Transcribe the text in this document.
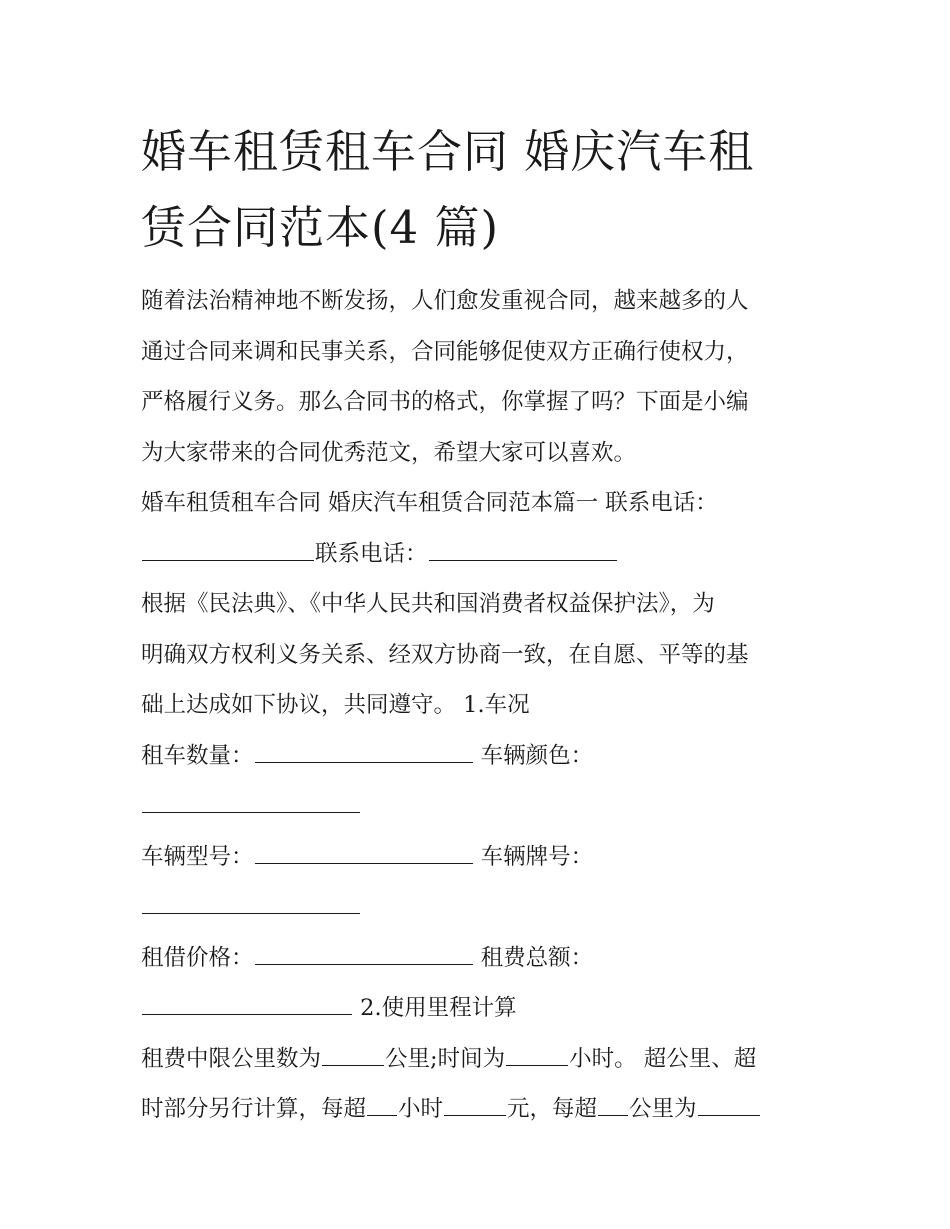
婚车租赁租车合同 婚庆汽车租
赁合同范本(4 篇)
随着法治精神地不断发扬，人们愈发重视合同，越来越多的人
通过合同来调和民事关系，合同能够促使双方正确行使权力，
严格履行义务。那么合同书的格式，你掌握了吗？下面是小编
为大家带来的合同优秀范文，希望大家可以喜欢。
婚车租赁租车合同 婚庆汽车租赁合同范本篇一 联系电话：
联系电话：
根据《民法典》、《中华人民共和国消费者权益保护法》，为
明确双方权利义务关系、经双方协商一致，在自愿、平等的基
础上达成如下协议，共同遵守。 1.车况
租车数量：	车辆颜色：
车辆型号：	车辆牌号：
租借价格：	租费总额：
2.使用里程计算
租费中限公里数为	公里;时间为	小时。 超公里、超
时部分另行计算，每超 小时	元，每超 公里为
